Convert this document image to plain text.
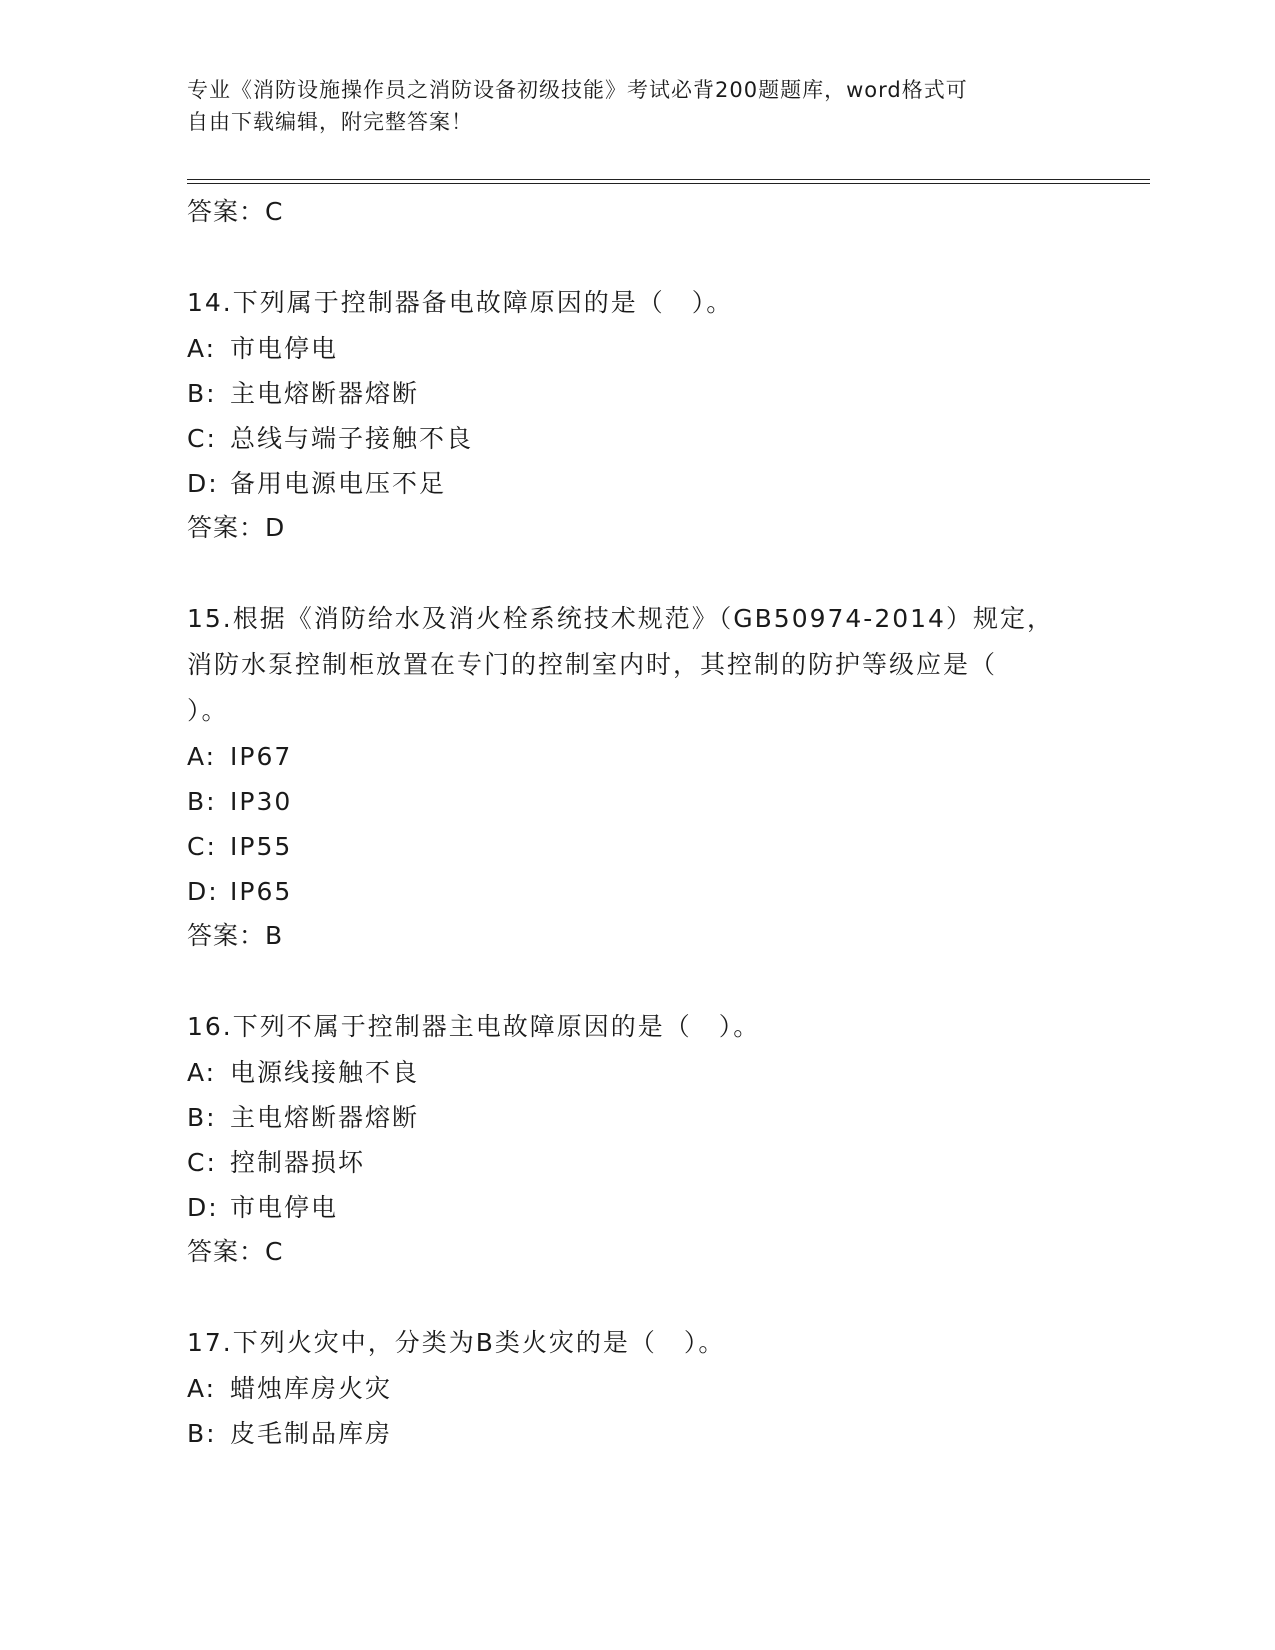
专业《消防设施操作员之消防设备初级技能》考试必背200题题库，word格式可
自由下载编辑，附完整答案！
答案：C
14.下列属于控制器备电故障原因的是（　）。
A: 市电停电
B: 主电熔断器熔断
C: 总线与端子接触不良
D: 备用电源电压不足
答案：D
15.根据《消防给水及消火栓系统技术规范》（GB50974-2014）规定，
消防水泵控制柜放置在专门的控制室内时，其控制的防护等级应是（
）。
A: IP67
B: IP30
C: IP55
D: IP65
答案：B
16.下列不属于控制器主电故障原因的是（　）。
A: 电源线接触不良
B: 主电熔断器熔断
C: 控制器损坏
D: 市电停电
答案：C
17.下列火灾中，分类为B类火灾的是（　）。
A: 蜡烛库房火灾
B: 皮毛制品库房
